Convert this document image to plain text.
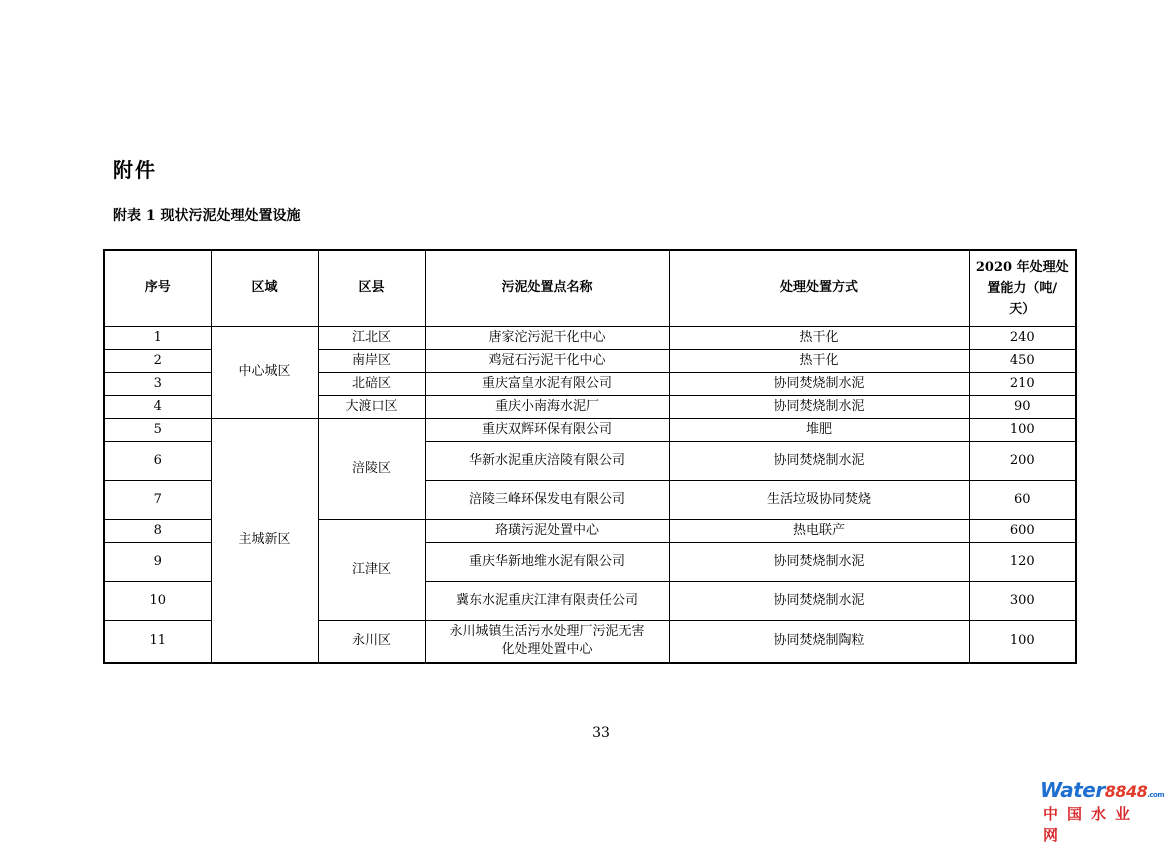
附件
附表 1 现状污泥处理处置设施
序号	区域	区县	污泥处置点名称	处理处置方式	2020 年处理处
置能力（吨/
天）
1	中心城区	江北区	唐家沱污泥干化中心	热干化	240
2		南岸区	鸡冠石污泥干化中心	热干化	450
3		北碚区	重庆富皇水泥有限公司	协同焚烧制水泥	210
4		大渡口区	重庆小南海水泥厂	协同焚烧制水泥	90
5	主城新区	涪陵区	重庆双辉环保有限公司	堆肥	100
6			华新水泥重庆涪陵有限公司	协同焚烧制水泥	200
7			涪陵三峰环保发电有限公司	生活垃圾协同焚烧	60
8		江津区	珞璜污泥处置中心	热电联产	600
9			重庆华新地维水泥有限公司	协同焚烧制水泥	120
10			冀东水泥重庆江津有限责任公司	协同焚烧制水泥	300
11		永川区	永川城镇生活污水处理厂污泥无害
化处理处置中心	协同焚烧制陶粒	100
33
Water8848.com
中国水业网
